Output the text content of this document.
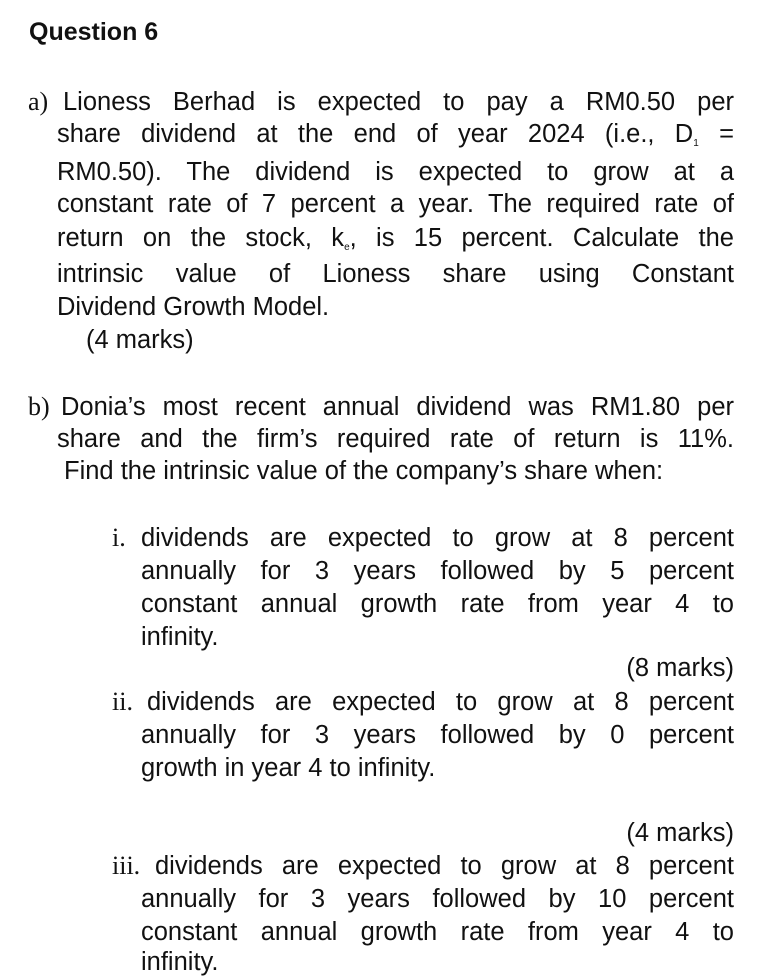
Question 6
a) Lioness Berhad is expected to pay a RM0.50 per
share dividend at the end of year 2024 (i.e., $D_1$ =
RM0.50). The dividend is expected to grow at a
constant rate of 7 percent a year. The required rate of
return on the stock, $k_e$, is 15 percent. Calculate the
intrinsic value of Lioness share using Constant
Dividend Growth Model.
(4 marks)
b) Donia’s most recent annual dividend was RM1.80 per
share and the firm’s required rate of return is 11%.
Find the intrinsic value of the company’s share when:
i. dividends are expected to grow at 8 percent
annually for 3 years followed by 5 percent
constant annual growth rate from year 4 to
infinity.
(8 marks)
ii. dividends are expected to grow at 8 percent
annually for 3 years followed by 0 percent
growth in year 4 to infinity.
(4 marks)
iii. dividends are expected to grow at 8 percent
annually for 3 years followed by 10 percent
constant annual growth rate from year 4 to
infinity.
